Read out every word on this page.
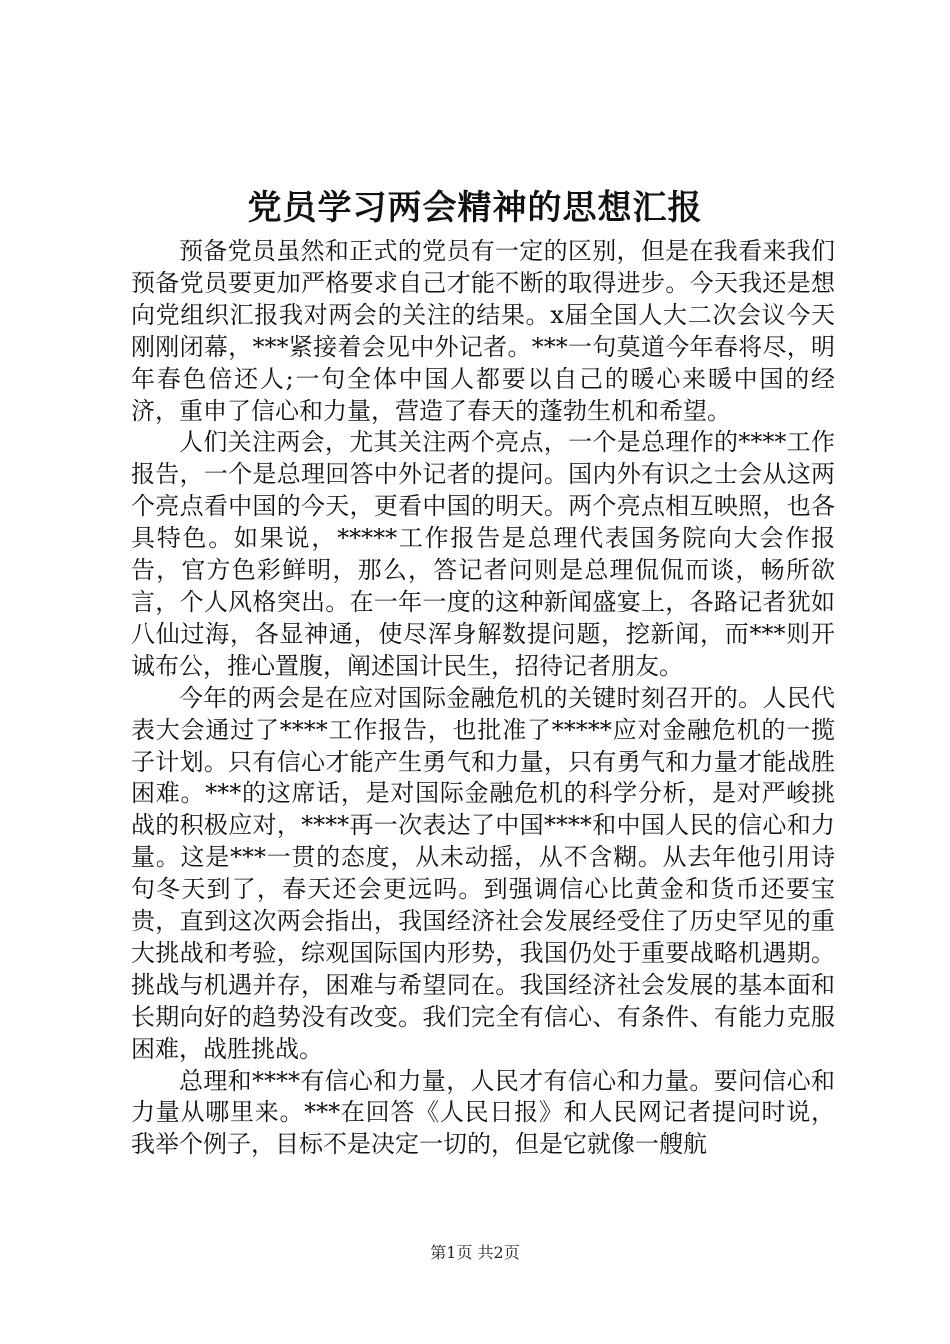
党员学习两会精神的思想汇报

预备党员虽然和正式的党员有一定的区别，但是在我看来我们预备党员要更加严格要求自己才能不断的取得进步。今天我还是想向党组织汇报我对两会的关注的结果。x届全国人大二次会议今天刚刚闭幕，***紧接着会见中外记者。***一句莫道今年春将尽，明年春色倍还人;一句全体中国人都要以自己的暖心来暖中国的经济，重申了信心和力量，营造了春天的蓬勃生机和希望。

人们关注两会，尤其关注两个亮点，一个是总理作的****工作报告，一个是总理回答中外记者的提问。国内外有识之士会从这两个亮点看中国的今天，更看中国的明天。两个亮点相互映照，也各具特色。如果说，*****工作报告是总理代表国务院向大会作报告，官方色彩鲜明，那么，答记者问则是总理侃侃而谈，畅所欲言，个人风格突出。在一年一度的这种新闻盛宴上，各路记者犹如八仙过海，各显神通，使尽浑身解数提问题，挖新闻，而***则开诚布公，推心置腹，阐述国计民生，招待记者朋友。

今年的两会是在应对国际金融危机的关键时刻召开的。人民代表大会通过了****工作报告，也批准了*****应对金融危机的一揽子计划。只有信心才能产生勇气和力量，只有勇气和力量才能战胜困难。***的这席话，是对国际金融危机的科学分析，是对严峻挑战的积极应对，****再一次表达了中国****和中国人民的信心和力量。这是***一贯的态度，从未动摇，从不含糊。从去年他引用诗句冬天到了，春天还会更远吗。到强调信心比黄金和货币还要宝贵，直到这次两会指出，我国经济社会发展经受住了历史罕见的重大挑战和考验，综观国际国内形势，我国仍处于重要战略机遇期。挑战与机遇并存，困难与希望同在。我国经济社会发展的基本面和长期向好的趋势没有改变。我们完全有信心、有条件、有能力克服困难，战胜挑战。

总理和****有信心和力量，人民才有信心和力量。要问信心和力量从哪里来。***在回答《人民日报》和人民网记者提问时说，我举个例子，目标不是决定一切的，但是它就像一艘航

第1页 共2页
